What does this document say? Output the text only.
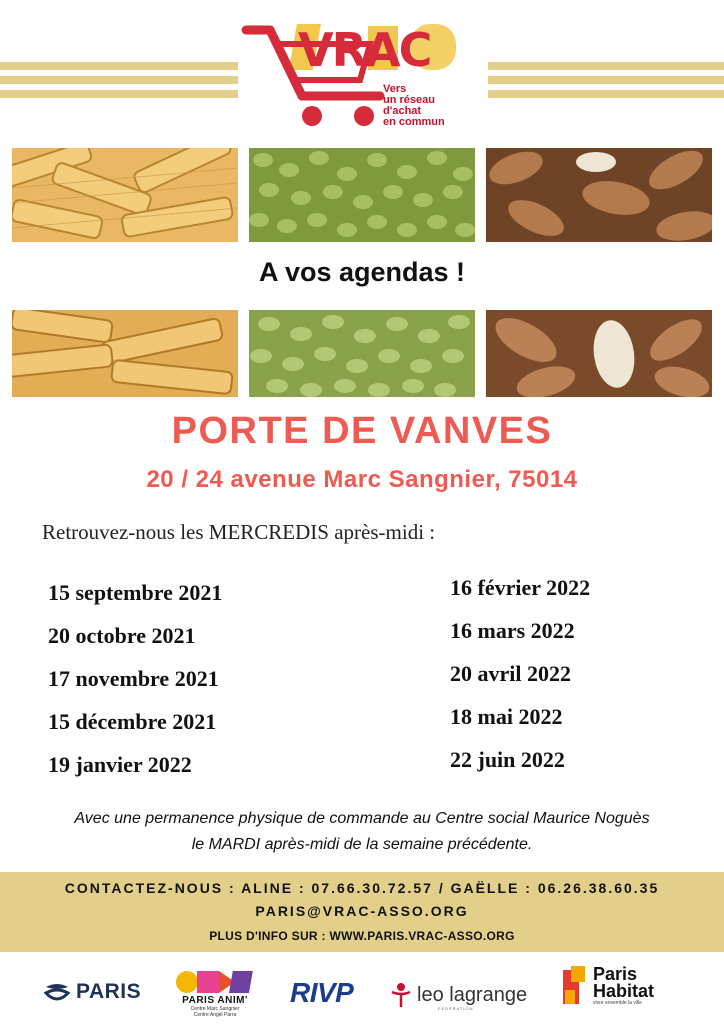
VRAC
Vers
un réseau
d'achat
en commun
A vos agendas !
PORTE DE VANVES
20 / 24 avenue Marc Sangnier, 75014
Retrouvez-nous les MERCREDIS après-midi :
15 septembre 2021
20 octobre 2021
17 novembre 2021
15 décembre 2021
19 janvier 2022
16 février 2022
16 mars 2022
20 avril 2022
18 mai 2022
22 juin 2022
Avec une permanence physique de commande au Centre social Maurice Noguès
le MARDI après-midi de la semaine précédente.
CONTACTEZ-NOUS : ALINE : 07.66.30.72.57 / GAËLLE : 06.26.38.60.35
PARIS@VRAC-ASSO.ORG
PLUS D'INFO SUR : WWW.PARIS.VRAC-ASSO.ORG
PARIS	PARIS ANIM'
Centre Marc Sangnier
Centre Angel Parra
RIVP	leo lagrange
FEDERATION
Paris
Habitat
vivre ensemble la ville
